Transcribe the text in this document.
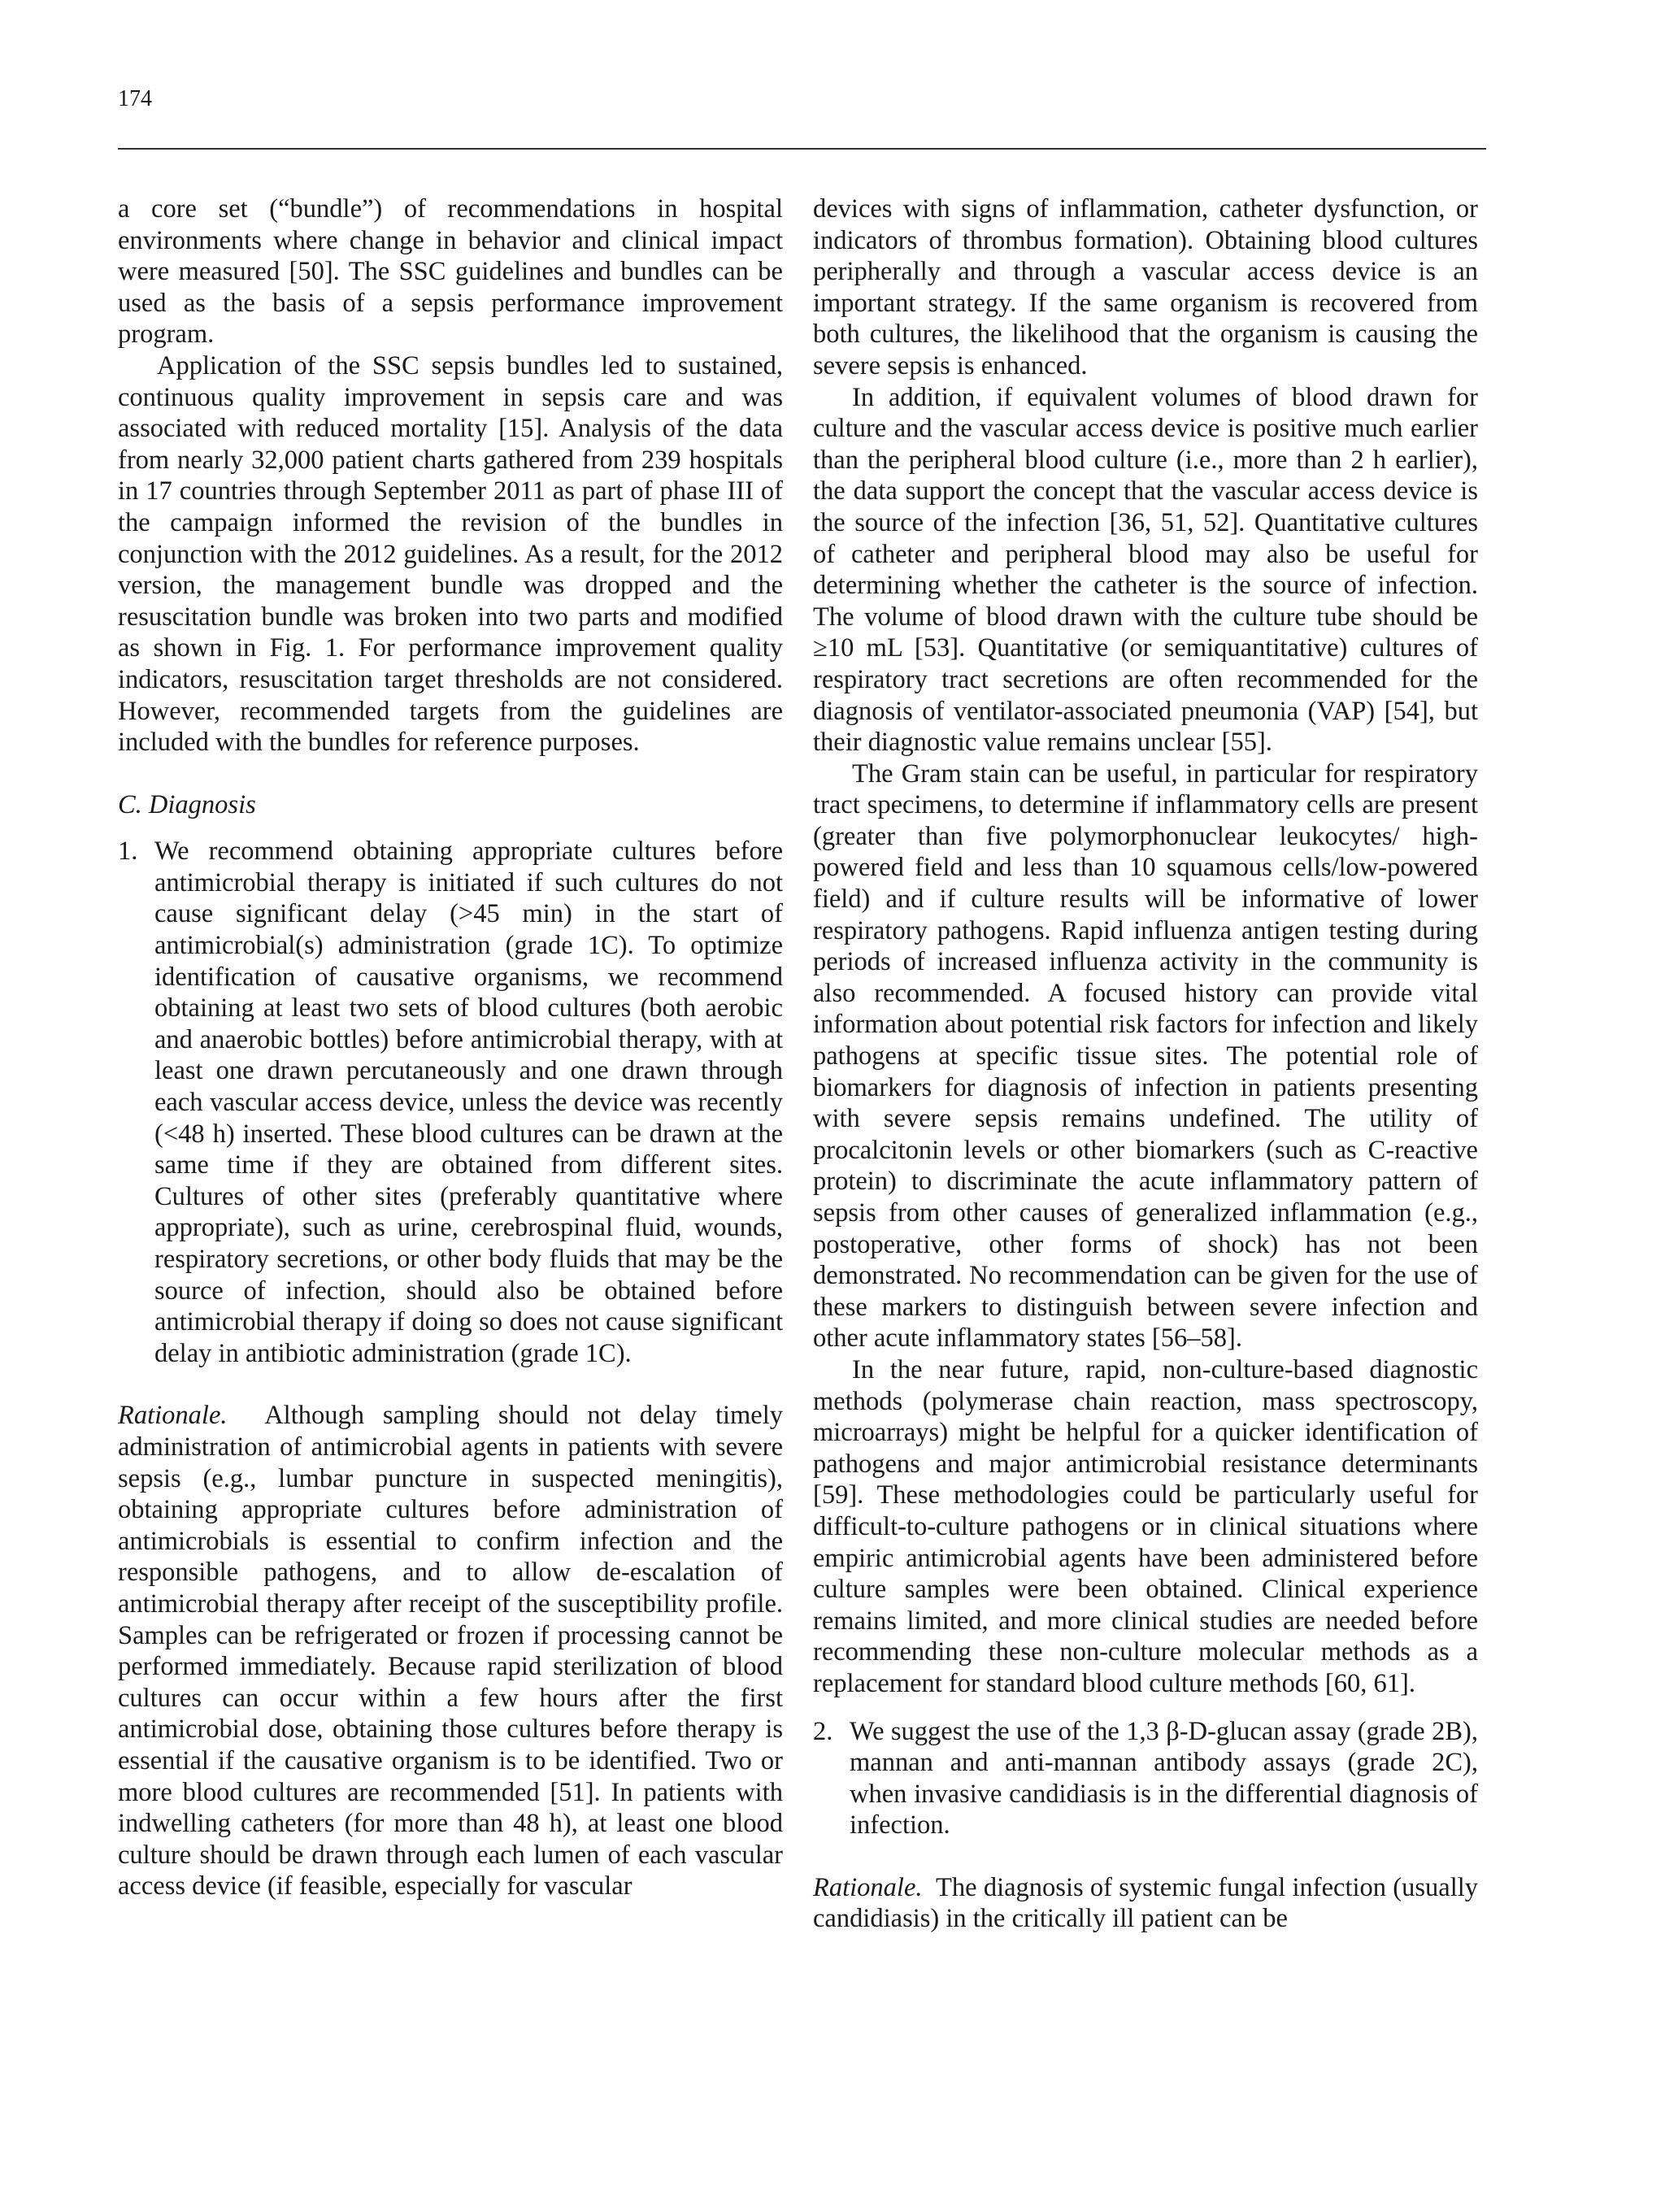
174

a core set (“bundle”) of recommendations in hospital environments where change in behavior and clinical impact were measured [50]. The SSC guidelines and bundles can be used as the basis of a sepsis performance improvement program.

Application of the SSC sepsis bundles led to sustained, continuous quality improvement in sepsis care and was associated with reduced mortality [15]. Analysis of the data from nearly 32,000 patient charts gathered from 239 hospitals in 17 countries through September 2011 as part of phase III of the campaign informed the revision of the bundles in conjunction with the 2012 guidelines. As a result, for the 2012 version, the management bundle was dropped and the resuscitation bundle was broken into two parts and modified as shown in Fig. 1. For performance improvement quality indicators, resuscitation target thresholds are not considered. However, recommended targets from the guidelines are included with the bundles for reference purposes.

C. Diagnosis

1. We recommend obtaining appropriate cultures before antimicrobial therapy is initiated if such cultures do not cause significant delay (>45 min) in the start of antimicrobial(s) administration (grade 1C). To optimize identification of causative organisms, we recommend obtaining at least two sets of blood cultures (both aerobic and anaerobic bottles) before antimicrobial therapy, with at least one drawn percutaneously and one drawn through each vascular access device, unless the device was recently (<48 h) inserted. These blood cultures can be drawn at the same time if they are obtained from different sites. Cultures of other sites (preferably quantitative where appropriate), such as urine, cerebrospinal fluid, wounds, respiratory secretions, or other body fluids that may be the source of infection, should also be obtained before antimicrobial therapy if doing so does not cause significant delay in antibiotic administration (grade 1C).

Rationale. Although sampling should not delay timely administration of antimicrobial agents in patients with severe sepsis (e.g., lumbar puncture in suspected meningitis), obtaining appropriate cultures before administration of antimicrobials is essential to confirm infection and the responsible pathogens, and to allow de-escalation of antimicrobial therapy after receipt of the susceptibility profile. Samples can be refrigerated or frozen if processing cannot be performed immediately. Because rapid sterilization of blood cultures can occur within a few hours after the first antimicrobial dose, obtaining those cultures before therapy is essential if the causative organism is to be identified. Two or more blood cultures are recommended [51]. In patients with indwelling catheters (for more than 48 h), at least one blood culture should be drawn through each lumen of each vascular access device (if feasible, especially for vascular

devices with signs of inflammation, catheter dysfunction, or indicators of thrombus formation). Obtaining blood cultures peripherally and through a vascular access device is an important strategy. If the same organism is recovered from both cultures, the likelihood that the organism is causing the severe sepsis is enhanced.

In addition, if equivalent volumes of blood drawn for culture and the vascular access device is positive much earlier than the peripheral blood culture (i.e., more than 2 h earlier), the data support the concept that the vascular access device is the source of the infection [36, 51, 52]. Quantitative cultures of catheter and peripheral blood may also be useful for determining whether the catheter is the source of infection. The volume of blood drawn with the culture tube should be ≥10 mL [53]. Quantitative (or semiquantitative) cultures of respiratory tract secretions are often recommended for the diagnosis of ventilator-associated pneumonia (VAP) [54], but their diagnostic value remains unclear [55].

The Gram stain can be useful, in particular for respiratory tract specimens, to determine if inflammatory cells are present (greater than five polymorphonuclear leukocytes/ high-powered field and less than 10 squamous cells/low-powered field) and if culture results will be informative of lower respiratory pathogens. Rapid influenza antigen testing during periods of increased influenza activity in the community is also recommended. A focused history can provide vital information about potential risk factors for infection and likely pathogens at specific tissue sites. The potential role of biomarkers for diagnosis of infection in patients presenting with severe sepsis remains undefined. The utility of procalcitonin levels or other biomarkers (such as C-reactive protein) to discriminate the acute inflammatory pattern of sepsis from other causes of generalized inflammation (e.g., postoperative, other forms of shock) has not been demonstrated. No recommendation can be given for the use of these markers to distinguish between severe infection and other acute inflammatory states [56–58].

In the near future, rapid, non-culture-based diagnostic methods (polymerase chain reaction, mass spectroscopy, microarrays) might be helpful for a quicker identification of pathogens and major antimicrobial resistance determinants [59]. These methodologies could be particularly useful for difficult-to-culture pathogens or in clinical situations where empiric antimicrobial agents have been administered before culture samples were been obtained. Clinical experience remains limited, and more clinical studies are needed before recommending these non-culture molecular methods as a replacement for standard blood culture methods [60, 61].

2. We suggest the use of the 1,3 β-D-glucan assay (grade 2B), mannan and anti-mannan antibody assays (grade 2C), when invasive candidiasis is in the differential diagnosis of infection.

Rationale. The diagnosis of systemic fungal infection (usually candidiasis) in the critically ill patient can be
